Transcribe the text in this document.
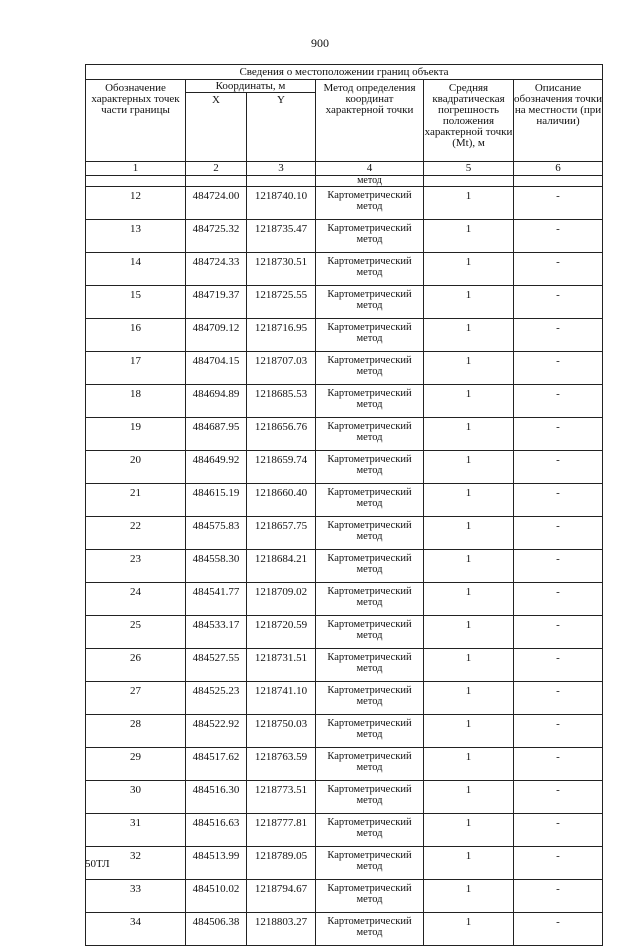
900
Сведения о местоположении границ объекта					
Обозначение характерных точек части границы	Координаты, м		Метод определения координат характерной точки	Средняя квадратическая погрешность положения характерной точки (Mt), м	Описание обозначения точки на местности (при наличии)
	X	Y			
1	2	3	4	5	6
			метод		
12	484724.00	1218740.10	Картометрический метод	1	-
13	484725.32	1218735.47	Картометрический метод	1	-
14	484724.33	1218730.51	Картометрический метод	1	-
15	484719.37	1218725.55	Картометрический метод	1	-
16	484709.12	1218716.95	Картометрический метод	1	-
17	484704.15	1218707.03	Картометрический метод	1	-
18	484694.89	1218685.53	Картометрический метод	1	-
19	484687.95	1218656.76	Картометрический метод	1	-
20	484649.92	1218659.74	Картометрический метод	1	-
21	484615.19	1218660.40	Картометрический метод	1	-
22	484575.83	1218657.75	Картометрический метод	1	-
23	484558.30	1218684.21	Картометрический метод	1	-
24	484541.77	1218709.02	Картометрический метод	1	-
25	484533.17	1218720.59	Картометрический метод	1	-
26	484527.55	1218731.51	Картометрический метод	1	-
27	484525.23	1218741.10	Картометрический метод	1	-
28	484522.92	1218750.03	Картометрический метод	1	-
29	484517.62	1218763.59	Картометрический метод	1	-
30	484516.30	1218773.51	Картометрический метод	1	-
31	484516.63	1218777.81	Картометрический метод	1	-
32	484513.99	1218789.05	Картометрический метод	1	-
33	484510.02	1218794.67	Картометрический метод	1	-
34	484506.38	1218803.27	Картометрический метод	1	-
50ТЛ
